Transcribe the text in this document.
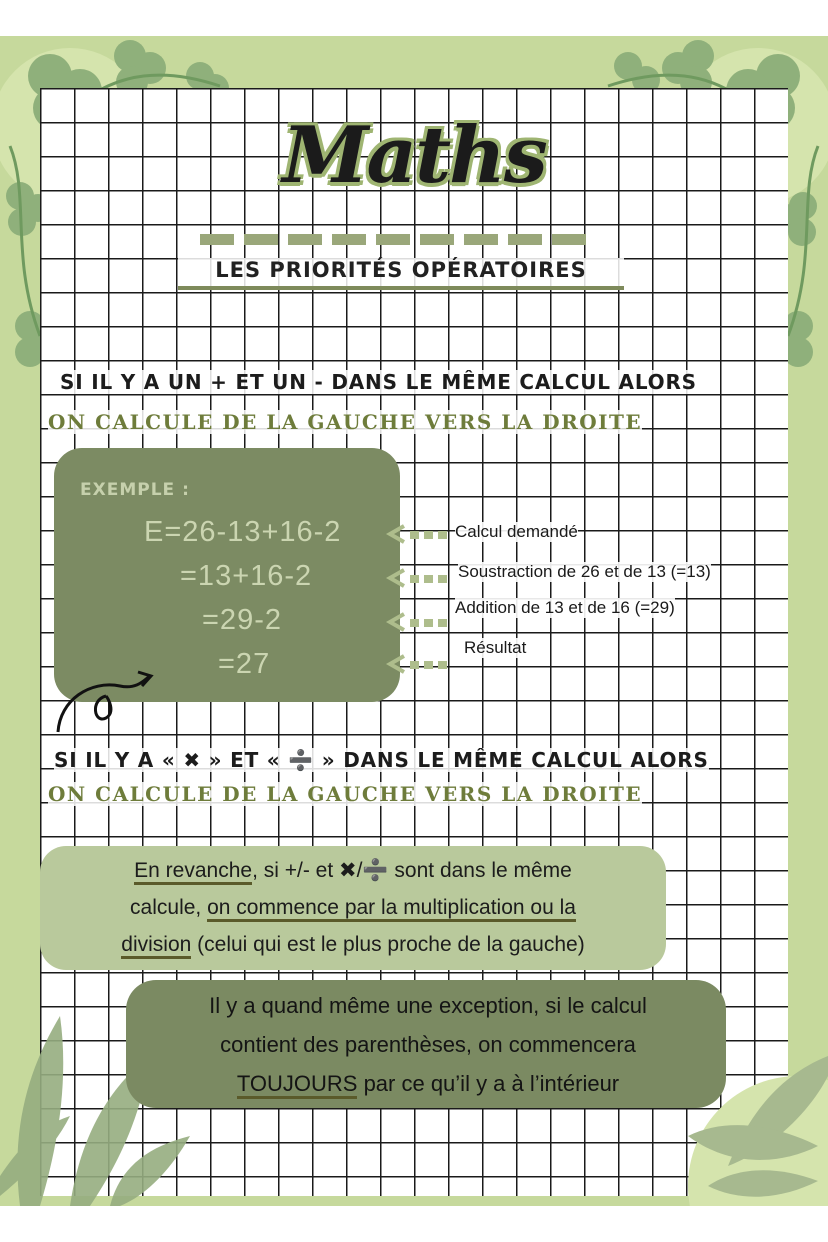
Maths
LES PRIORITÉS OPÉRATOIRES
SI IL Y A UN + ET UN - DANS LE MÊME CALCUL ALORS
ON CALCULE DE LA GAUCHE VERS LA DROITE
EXEMPLE :
E=26-13+16-2
=13+16-2
=29-2
=27
Calcul demandé
Soustraction de 26 et de 13 (=13)
Addition de 13 et de 16 (=29)
Résultat
SI IL Y A « ✖ » ET « ➗ » DANS LE MÊME CALCUL ALORS
ON CALCULE DE LA GAUCHE VERS LA DROITE
En revanche, si +/- et ✖/➗ sont dans le même
calcule, on commence par la multiplication ou la
division (celui qui est le plus proche de la gauche)
Il y a quand même une exception, si le calcul
contient des parenthèses, on commencera
TOUJOURS par ce qu’il y a à l’intérieur
